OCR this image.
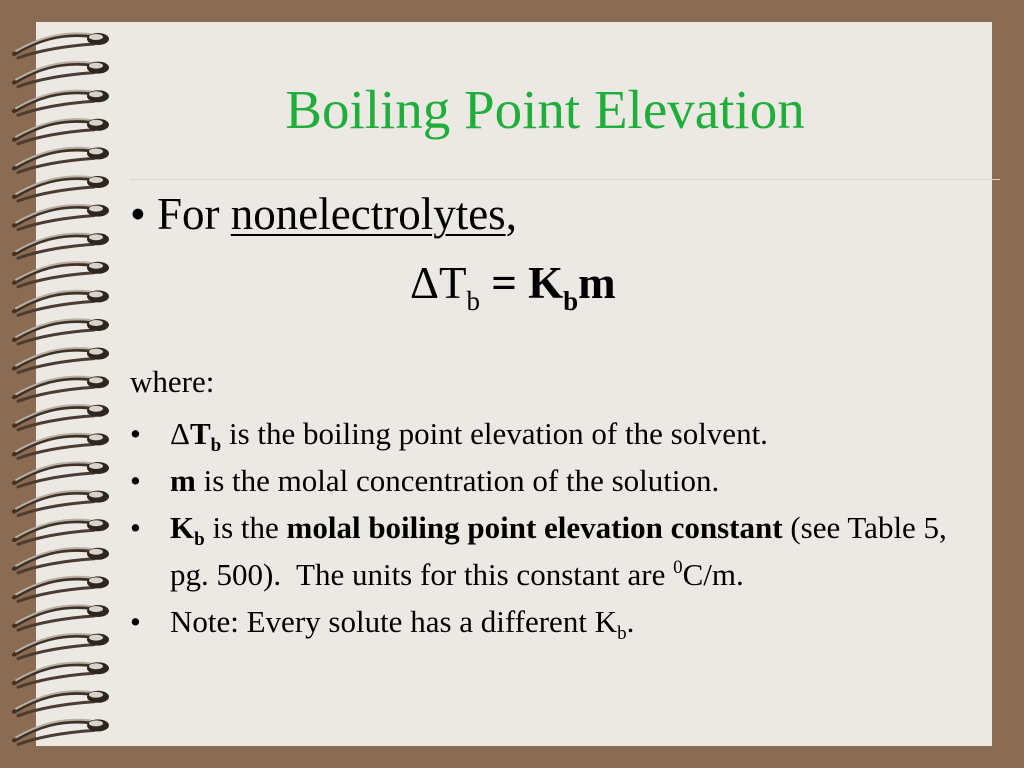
Boiling Point Elevation
• For nonelectrolytes,
$\Delta T_b = K_bm$
where:
• $\Delta T_b$ is the boiling point elevation of the solvent.
• m is the molal concentration of the solution.
• $K_b$ is the molal boiling point elevation constant (see Table 5, pg. 500).  The units for this constant are $^0$C/m.
• Note: Every solute has a different $K_b$.
